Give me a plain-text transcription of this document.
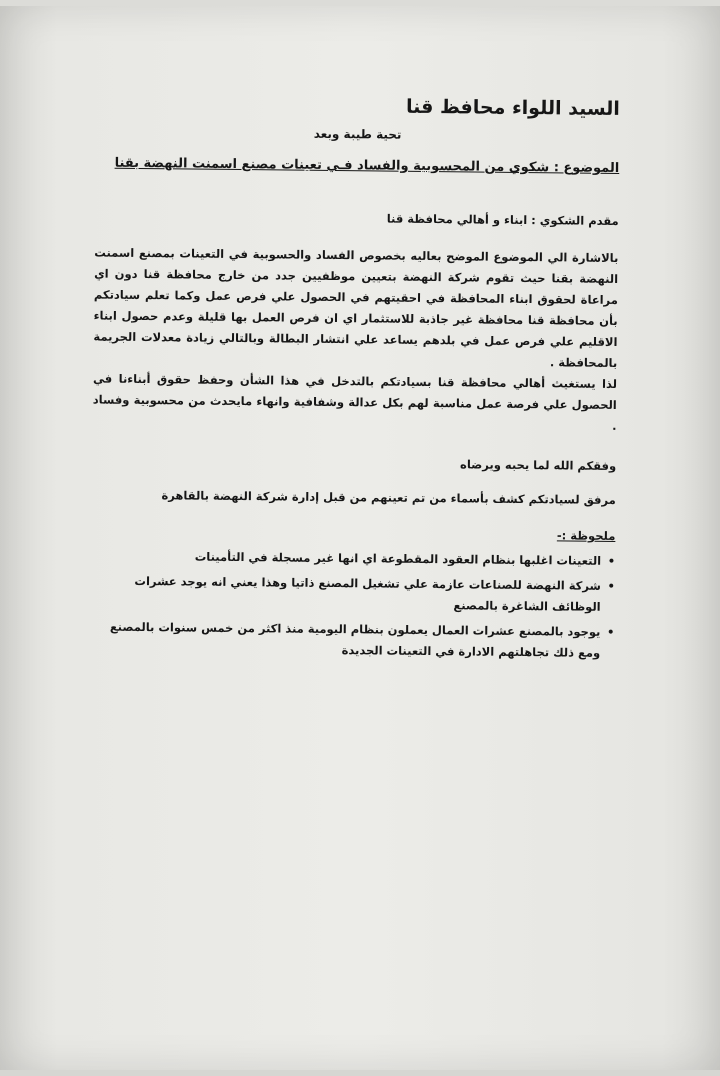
السيد اللواء محافظ قنا
تحية طيبة وبعد
الموضوع : شكوي من المحسوبية والفساد فـي تعينات مصنع اسمنت النهضة بقنا
مقدم الشكوي : ابناء و أهالي محافظة قنا

بالاشارة الي الموضوع الموضح بعاليه بخصوص الفساد والحسوبية في التعينات بمصنع اسمنت النهضة بقنا حيث تقوم شركة النهضة بتعيين موظفيين جدد من خارج محافظة قنا دون اي مراعاة لحقوق ابناء المحافظة في احقيتهم في الحصول علي فرص عمل وكما تعلم سيادتكم بأن محافظة قنا محافظة غير جاذبة للاستثمار اي ان فرص العمل بها قليلة وعدم حصول ابناء الاقليم علي فرص عمل في بلدهم يساعد علي انتشار البطالة وبالتالي زيادة معدلات الجريمة بالمحافظة .

لذا يستغيث أهالي محافظة قنا بسيادتكم بالتدخل في هذا الشأن وحفظ حقوق أبناءنا في الحصول علي فرصة عمل مناسبة لهم بكل عدالة وشفافية وانهاء مايحدث من محسوبية وفساد .

وفقكم الله لما يحبه ويرضاه
مرفق لسيادتكم كشف بأسماء من تم تعينهم من قبل إدارة شركة النهضة بالقاهرة
ملحوظة :-
•
التعينات اغلبها بنظام العقود المقطوعة اي انها غير مسجلة في التأمينات
•
شركة النهضة للصناعات عازمة علي تشغيل المصنع ذاتيا وهذا يعني انه يوجد عشرات الوظائف الشاغرة بالمصنع
•
يوجود بالمصنع عشرات العمال يعملون بنظام اليومية منذ اكثر من خمس سنوات بالمصنع ومع ذلك تجاهلتهم الادارة في التعينات الجديدة
